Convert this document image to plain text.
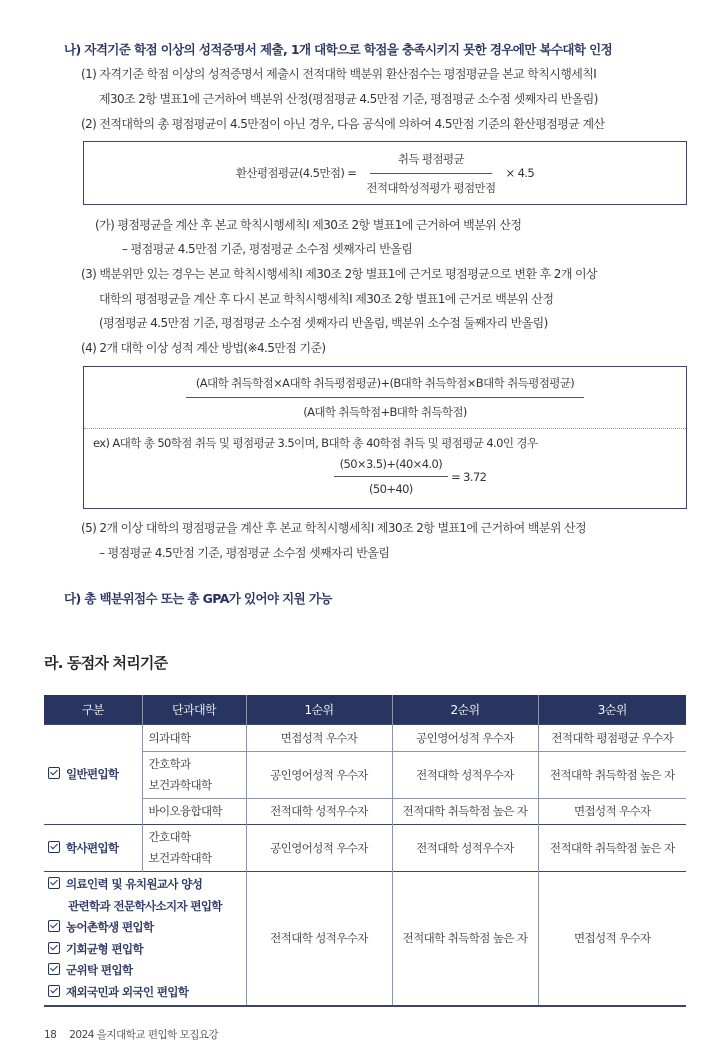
나) 자격기준 학점 이상의 성적증명서 제출, 1개 대학으로 학점을 충족시키지 못한 경우에만 복수대학 인정
(1) 자격기준 학점 이상의 성적증명서 제출시 전적대학 백분위 환산점수는 평점평균을 본교 학칙시행세칙Ⅰ
제30조 2항 별표1에 근거하여 백분위 산정(평점평균 4.5만점 기준, 평점평균 소수점 셋째자리 반올림)
(2) 전적대학의 총 평점평균이 4.5만점이 아닌 경우, 다음 공식에 의하여 4.5만점 기준의 환산평점평균 계산
환산평점평균(4.5만점) = $\frac{\text{취득 평점평균}}{\text{전적대학성적평가 평점만점}} \times 4.5$
(가) 평점평균을 계산 후 본교 학칙시행세칙Ⅰ 제30조 2항 별표1에 근거하여 백분위 산정
– 평점평균 4.5만점 기준, 평점평균 소수점 셋째자리 반올림
(3) 백분위만 있는 경우는 본교 학칙시행세칙Ⅰ 제30조 2항 별표1에 근거로 평점평균으로 변환 후 2개 이상
대학의 평점평균을 계산 후 다시 본교 학칙시행세칙Ⅰ 제30조 2항 별표1에 근거로 백분위 산정
(평점평균 4.5만점 기준, 평점평균 소수점 셋째자리 반올림, 백분위 소수점 둘째자리 반올림)
(4) 2개 대학 이상 성적 계산 방법(※4.5만점 기준)
$\frac{\text{(A대학 취득학점×A대학 취득평점평균)+(B대학 취득학점×B대학 취득평점평균)}}{\text{(A대학 취득학점+B대학 취득학점)}}$
ex) A대학 총 50학점 취득 및 평점평균 3.5이며, B대학 총 40학점 취득 및 평점평균 4.0인 경우
$\frac{(50\times 3.5)+(40\times 4.0)}{(50+40)} = 3.72$
(5) 2개 이상 대학의 평점평균을 계산 후 본교 학칙시행세칙Ⅰ 제30조 2항 별표1에 근거하여 백분위 산정
– 평점평균 4.5만점 기준, 평점평균 소수점 셋째자리 반올림
다) 총 백분위점수 또는 총 GPA가 있어야 지원 가능
라. 동점자 처리기준
구분	단과대학	1순위	2순위	3순위
일반편입학	의과대학	면접성적 우수자	공인영어성적 우수자	전적대학 평점평균 우수자

	간호학과
보건과학대학	공인영어성적 우수자	전적대학 성적우수자	전적대학 취득학점 높은 자
	바이오융합대학	전적대학 성적우수자	전적대학 취득학점 높은 자	면접성적 우수자
학사편입학	간호대학
보건과학대학	공인영어성적 우수자	전적대학 성적우수자	전적대학 취득학점 높은 자

의료인력 및 유치원교사 양성
관련학과 전문학사소지자 편입학
농어촌학생 편입학
기회균형 편입학
군위탁 편입학
재외국민과 외국인 편입학
	전적대학 성적우수자	전적대학 취득학점 높은 자	면접성적 우수자
18 2024 을지대학교 편입학 모집요강
